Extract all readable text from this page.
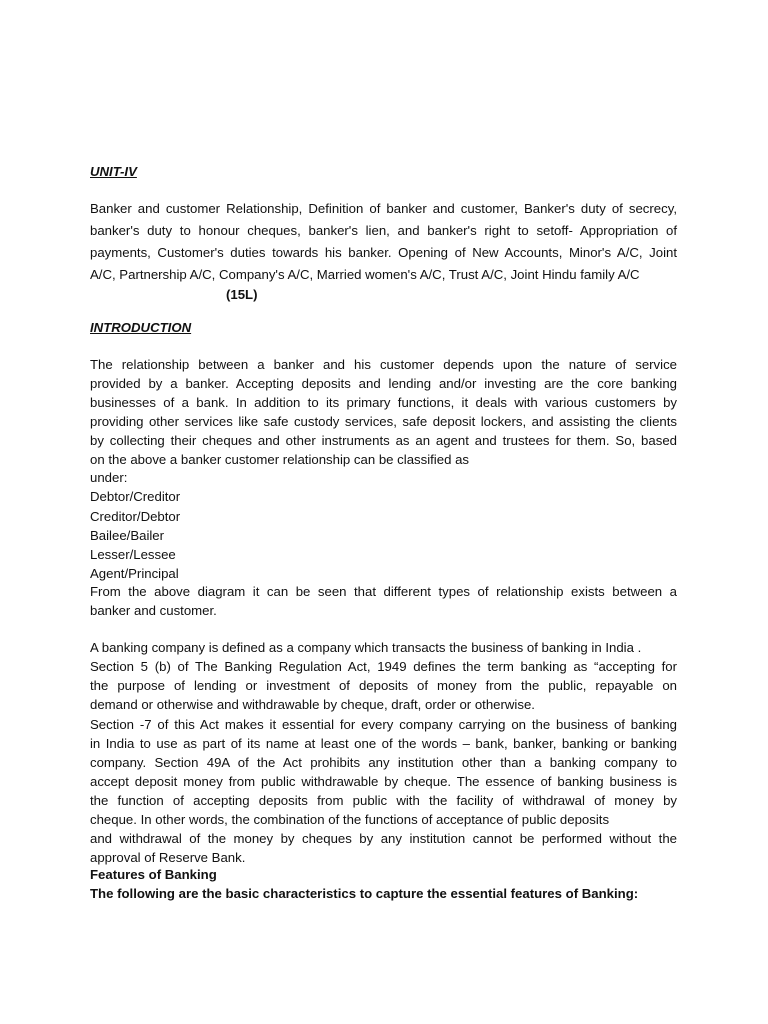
UNIT-IV
Banker and customer Relationship, Definition of banker and customer, Banker's duty of secrecy,
banker's duty to honour cheques, banker's lien, and banker's right to setoff- Appropriation of
payments, Customer's duties towards his banker. Opening of New Accounts, Minor's A/C, Joint
A/C, Partnership A/C, Company's A/C, Married women's A/C, Trust A/C, Joint Hindu family A/C
(15L)
INTRODUCTION
The relationship between a banker and his customer depends upon the nature of service
provided by a banker. Accepting deposits and lending and/or investing are the core banking
businesses of a bank. In addition to its primary functions, it deals with various customers by
providing other services like safe custody services, safe deposit lockers, and assisting the clients
by collecting their cheques and other instruments as an agent and trustees for them. So, based
on the above a banker customer relationship can be classified as
under:
Debtor/Creditor
Creditor/Debtor
Bailee/Bailer
Lesser/Lessee
Agent/Principal
From the above diagram it can be seen that different types of relationship exists between a
banker and customer.
A banking company is defined as a company which transacts the business of banking in India .
Section 5 (b) of The Banking Regulation Act, 1949 defines the term banking as “accepting for
the purpose of lending or investment of deposits of money from the public, repayable on
demand or otherwise and withdrawable by cheque, draft, order or otherwise.
Section -7 of this Act makes it essential for every company carrying on the business of banking
in India to use as part of its name at least one of the words – bank, banker, banking or banking
company. Section 49A of the Act prohibits any institution other than a banking company to
accept deposit money from public withdrawable by cheque. The essence of banking business is
the function of accepting deposits from public with the facility of withdrawal of money by
cheque. In other words, the combination of the functions of acceptance of public deposits
and withdrawal of the money by cheques by any institution cannot be performed without the
approval of Reserve Bank.
Features of Banking
The following are the basic characteristics to capture the essential features of Banking:
